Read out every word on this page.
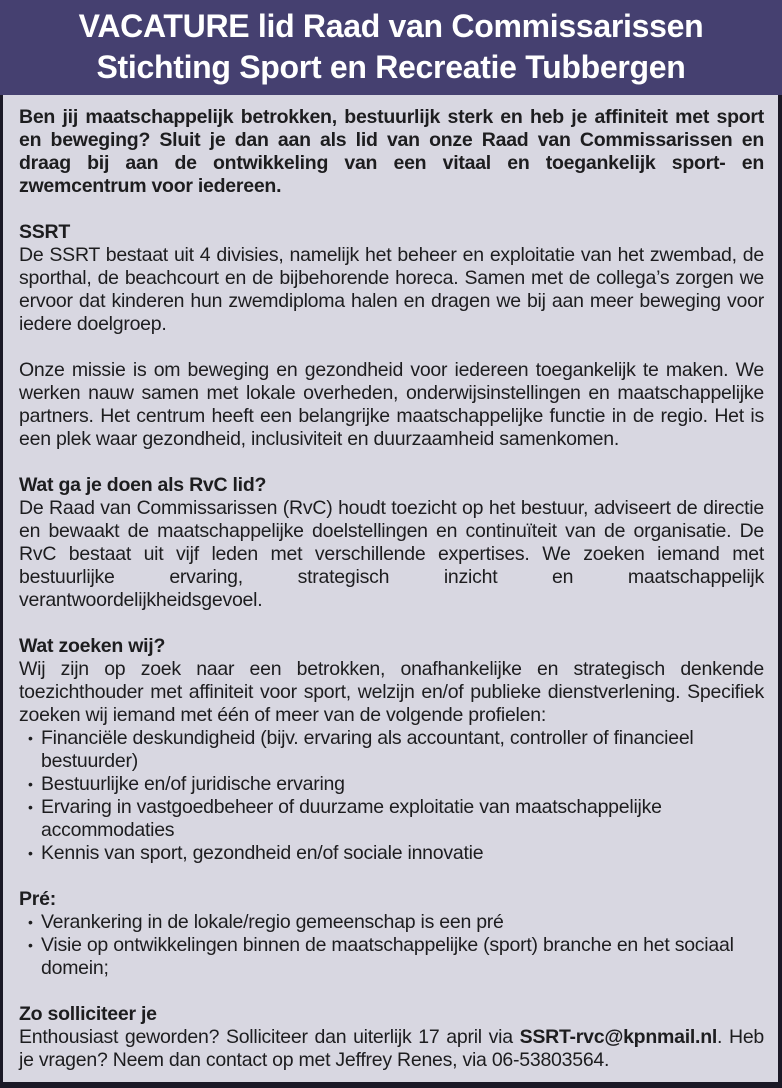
VACATURE lid Raad van Commissarissen
Stichting Sport en Recreatie Tubbergen

Ben jij maatschappelijk betrokken, bestuurlijk sterk en heb je affiniteit met sport en beweging? Sluit je dan aan als lid van onze Raad van Commissarissen en draag bij aan de ontwikkeling van een vitaal en toegankelijk sport- en zwemcentrum voor iedereen.

SSRT

De SSRT bestaat uit 4 divisies, namelijk het beheer en exploitatie van het zwembad, de sporthal, de beachcourt en de bijbehorende horeca. Samen met de collega’s zorgen we ervoor dat kinderen hun zwemdiploma halen en dragen we bij aan meer beweging voor iedere doelgroep.

Onze missie is om beweging en gezondheid voor iedereen toegankelijk te maken. We werken nauw samen met lokale overheden, onderwijsinstellingen en maatschappelijke partners. Het centrum heeft een belangrijke maatschappelijke functie in de regio. Het is een plek waar gezondheid, inclusiviteit en duurzaamheid samenkomen.

Wat ga je doen als RvC lid?

De Raad van Commissarissen (RvC) houdt toezicht op het bestuur, adviseert de directie en bewaakt de maatschappelijke doelstellingen en continuïteit van de organisatie. De RvC bestaat uit vijf leden met verschillende expertises. We zoeken iemand met bestuurlijke ervaring, strategisch inzicht en maatschappelijk verantwoordelijkheidsgevoel.

Wat zoeken wij?

Wij zijn op zoek naar een betrokken, onafhankelijke en strategisch denkende toezichthouder met affiniteit voor sport, welzijn en/of publieke dienstverlening. Specifiek zoeken wij iemand met één of meer van de volgende profielen:

• Financiële deskundigheid (bijv. ervaring als accountant, controller of financieel bestuurder)
• Bestuurlijke en/of juridische ervaring
• Ervaring in vastgoedbeheer of duurzame exploitatie van maatschappelijke accommodaties
• Kennis van sport, gezondheid en/of sociale innovatie

Pré:

• Verankering in de lokale/regio gemeenschap is een pré
• Visie op ontwikkelingen binnen de maatschappelijke (sport) branche en het sociaal domein;

Zo solliciteer je

Enthousiast geworden? Solliciteer dan uiterlijk 17 april via SSRT-rvc@kpnmail.nl. Heb je vragen? Neem dan contact op met Jeffrey Renes, via 06-53803564.
